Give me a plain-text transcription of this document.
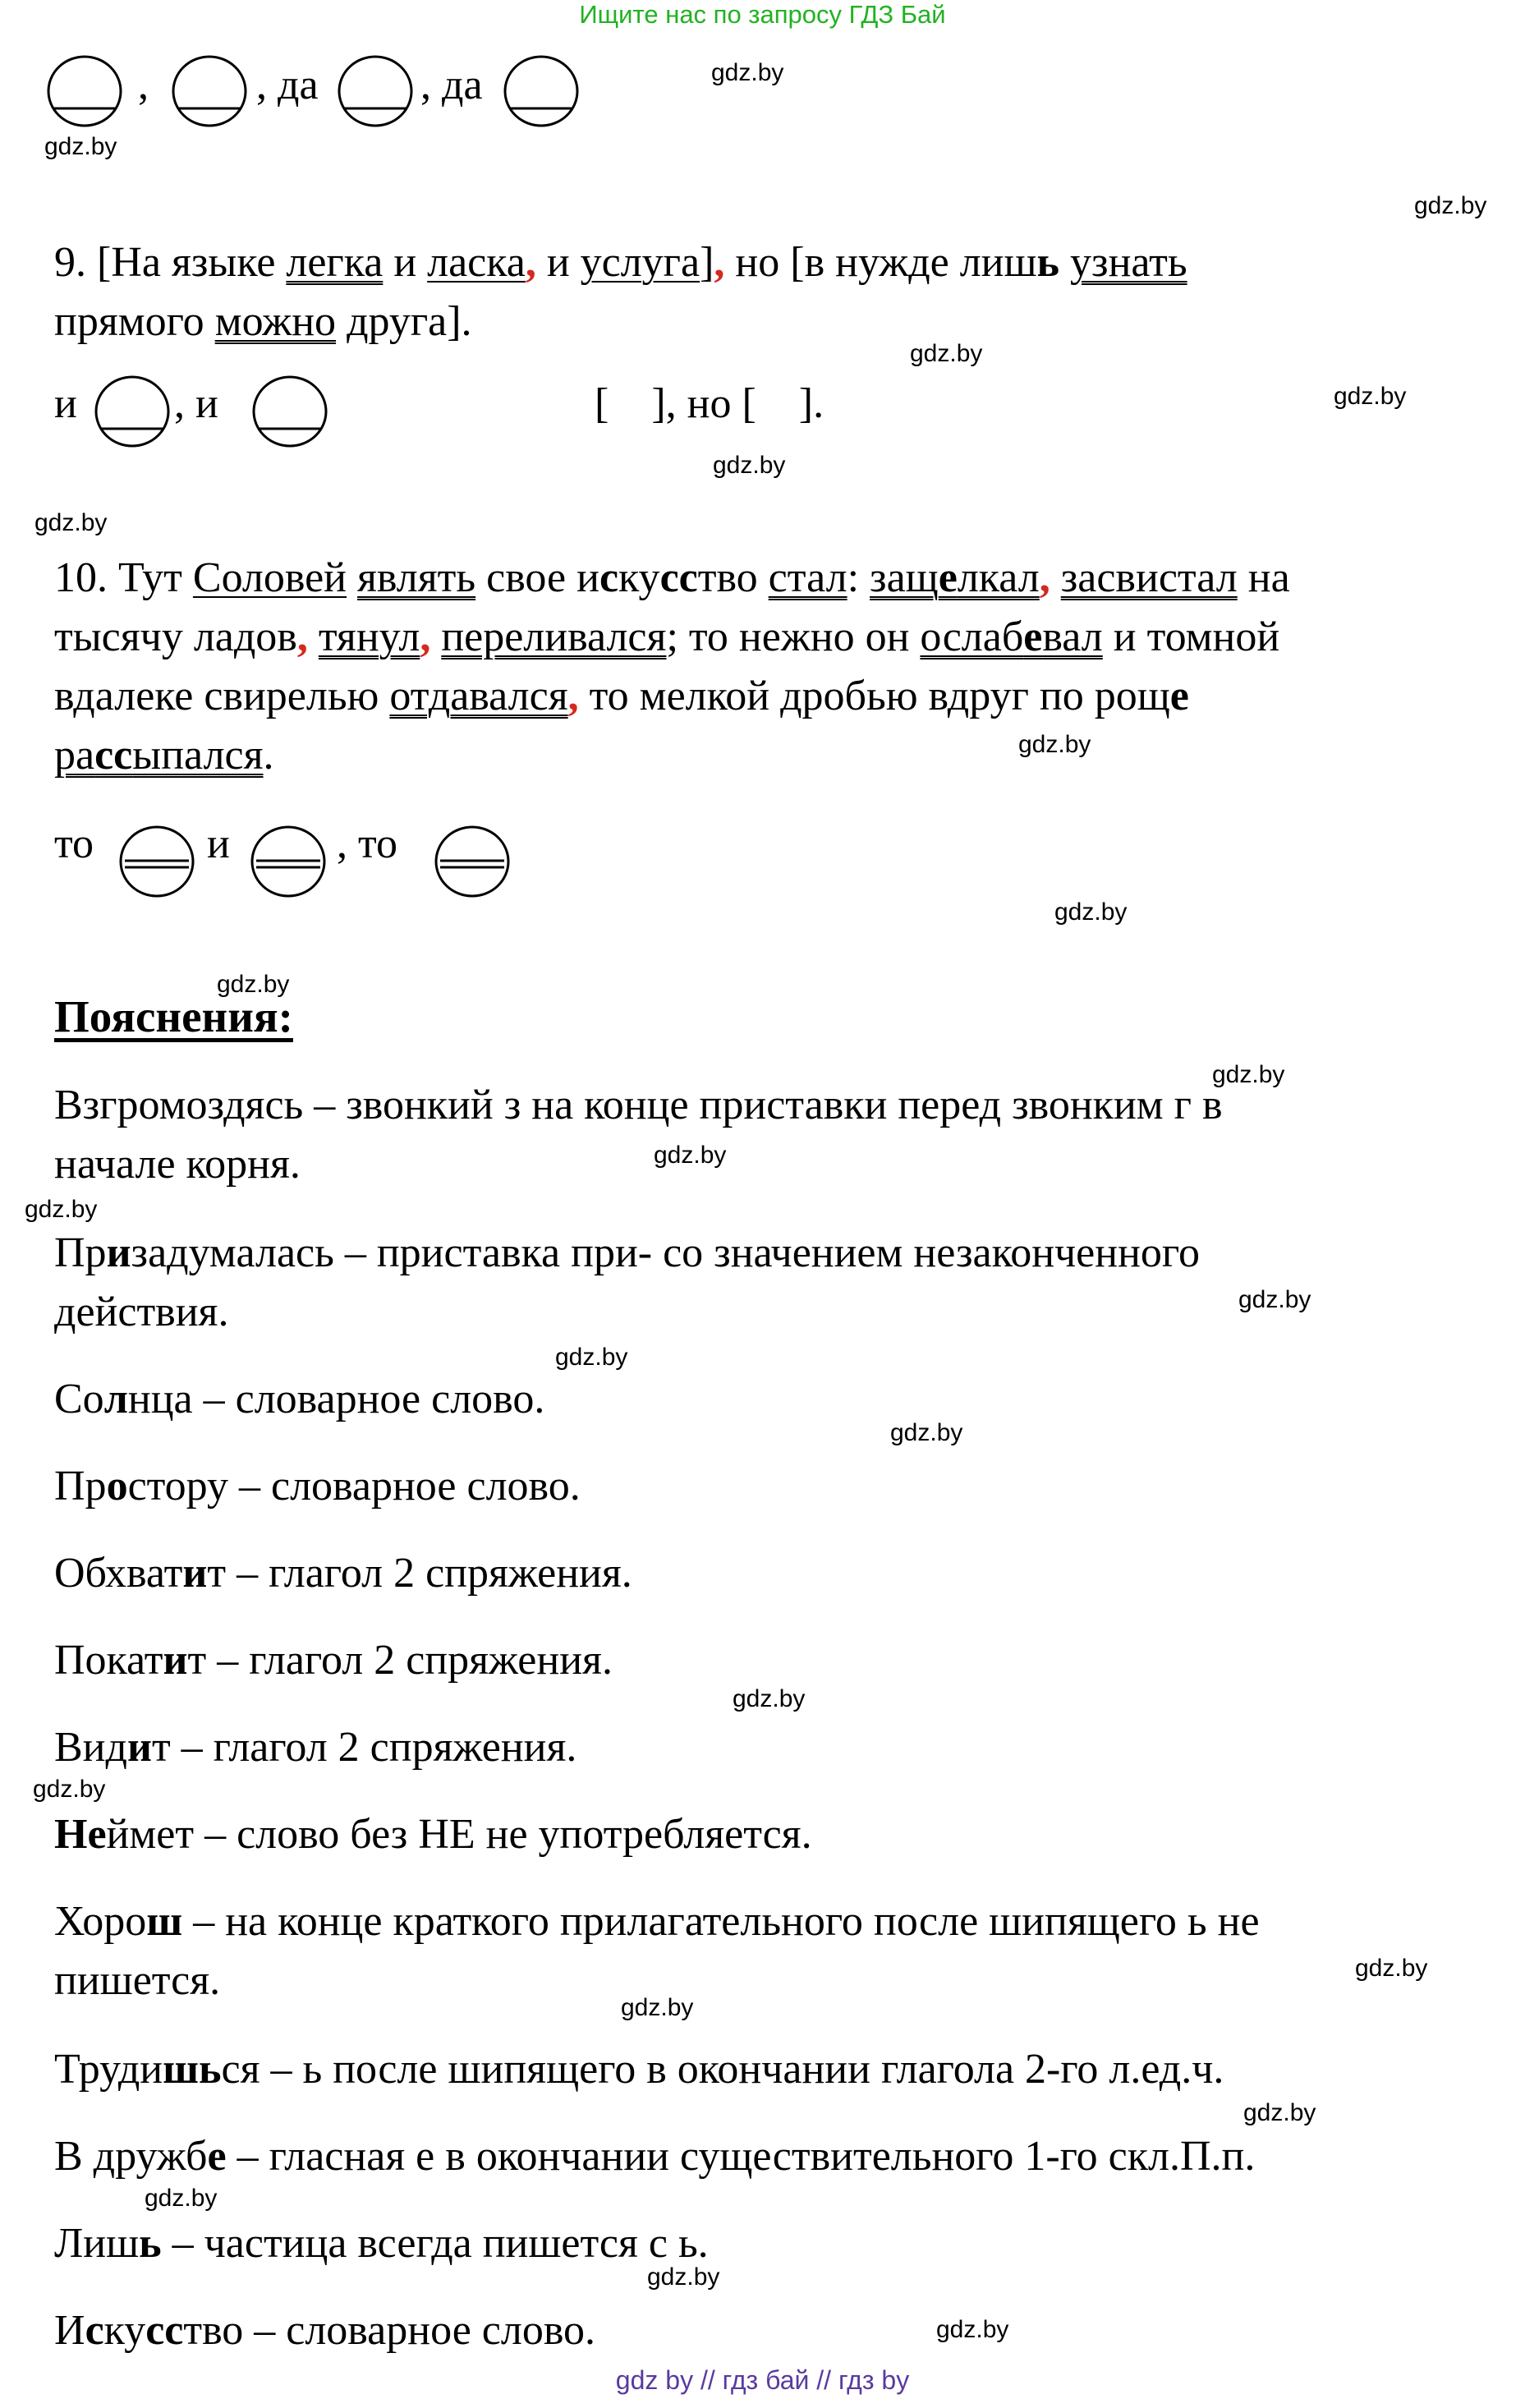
Ищите нас по запросу ГДЗ Бай
gdz by // гдз бай // гдз by
gdz.by
gdz.by
gdz.by
gdz.by
gdz.by
gdz.by
gdz.by
gdz.by
gdz.by
gdz.by
gdz.by
gdz.by
gdz.by
gdz.by
gdz.by
gdz.by
gdz.by
gdz.by
gdz.by
gdz.by
gdz.by
gdz.by
gdz.by
gdz.by
,	, да , да
9. [На языке легка и ласка, и услуга], но [в нужде лишь узнать
прямого можно друга].
и , и	[    ], но [    ].
10. Тут Соловей являть свое искусство стал: защелкал, засвистал на
тысячу ладов, тянул, переливался; то нежно он ослабевал и томной
вдалеке свирелью отдавался, то мелкой дробью вдруг по роще
рассыпался.
то	и	, то
Пояснения:
Взгромоздясь – звонкий з на конце приставки перед звонким г в
начале корня.
Призадумалась – приставка при- со значением незаконченного
действия.
Солнца – словарное слово.
Простору – словарное слово.
Обхватит – глагол 2 спряжения.
Покатит – глагол 2 спряжения.
Видит – глагол 2 спряжения.
Неймет – слово без НЕ не употребляется.
Хорош – на конце краткого прилагательного после шипящего ь не
пишется.
Трудишься – ь после шипящего в окончании глагола 2-го л.ед.ч.
В дружбе – гласная е в окончании существительного 1-го скл.П.п.
Лишь – частица всегда пишется с ь.
Искусство – словарное слово.
